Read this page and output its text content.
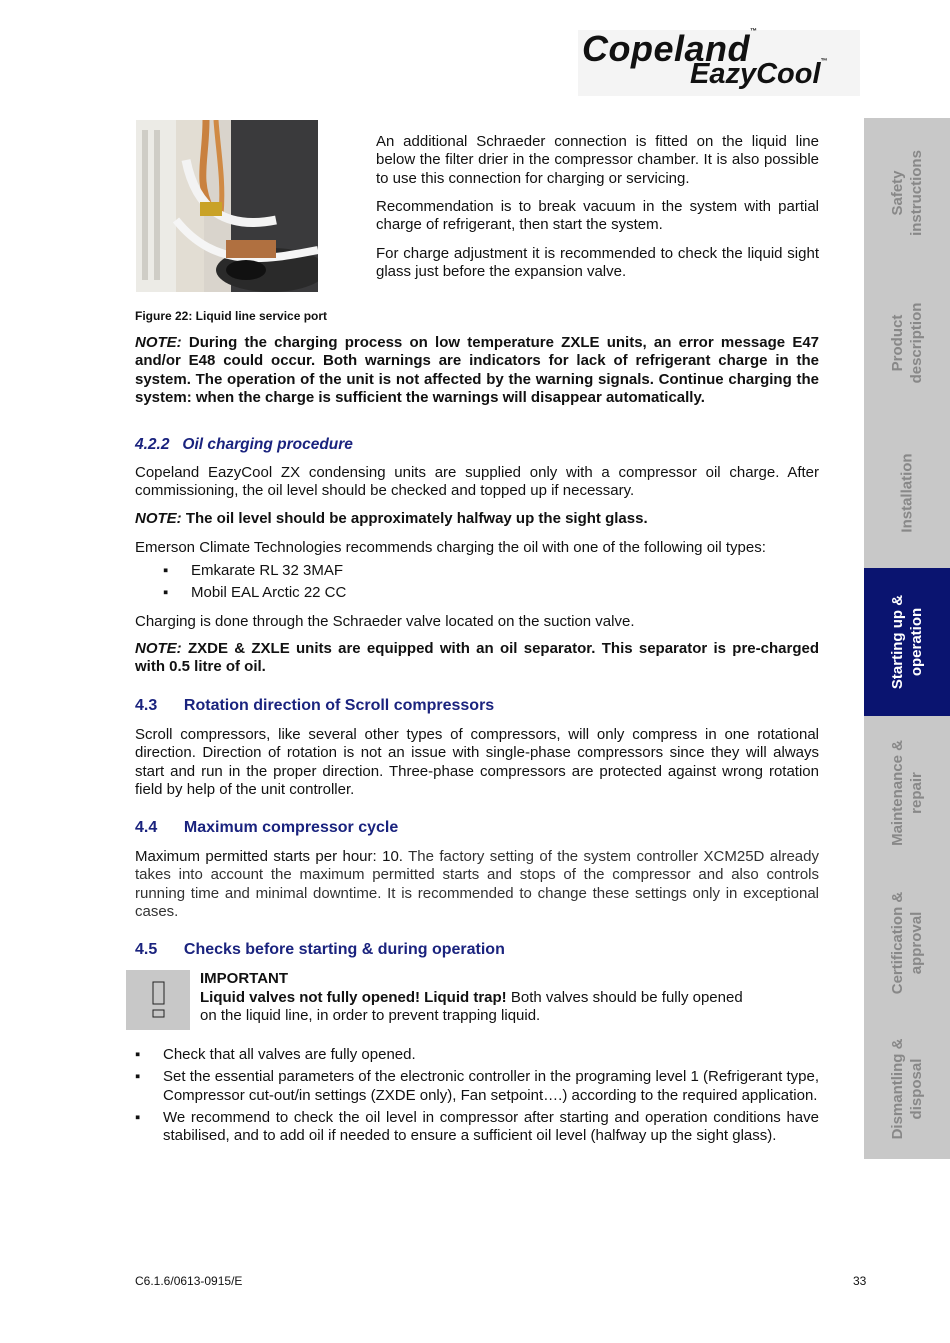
Copeland™
EazyCool™
An additional Schraeder connection is fitted on the liquid line below the filter drier in the compressor chamber. It is also possible to use this connection for charging or servicing.
Recommendation is to break vacuum in the system with partial charge of refrigerant, then start the system.
For charge adjustment it is recommended to check the liquid sight glass just before the expansion valve.
Figure 22: Liquid line service port
NOTE: During the charging process on low temperature ZXLE units, an error message E47 and/or E48 could occur. Both warnings are indicators for lack of refrigerant charge in the system. The operation of the unit is not affected by the warning signals. Continue charging the system: when the charge is sufficient the warnings will disappear automatically.
4.2.2   Oil charging procedure
Copeland EazyCool ZX condensing units are supplied only with a compressor oil charge. After commissioning, the oil level should be checked and topped up if necessary.
NOTE: The oil level should be approximately halfway up the sight glass.
Emerson Climate Technologies recommends charging the oil with one of the following oil types:
▪	Emkarate RL 32 3MAF
▪	Mobil EAL Arctic 22 CC
Charging is done through the Schraeder valve located on the suction valve.
NOTE: ZXDE & ZXLE units are equipped with an oil separator. This separator is pre-charged with 0.5 litre of oil.
4.3      Rotation direction of Scroll compressors
Scroll compressors, like several other types of compressors, will only compress in one rotational direction. Direction of rotation is not an issue with single-phase compressors since they will always start and run in the proper direction. Three-phase compressors are protected against wrong rotation field by help of the unit controller.
4.4      Maximum compressor cycle
Maximum permitted starts per hour: 10. The factory setting of the system controller XCM25D already takes into account the maximum permitted starts and stops of the compressor and also controls running time and minimal downtime. It is recommended to change these settings only in exceptional cases.
4.5      Checks before starting & during operation
IMPORTANT
Liquid valves not fully opened! Liquid trap! Both valves should be fully opened on the liquid line, in order to prevent trapping liquid.
▪	Check that all valves are fully opened.
▪	Set the essential parameters of the electronic controller in the programing level 1 (Refrigerant type, Compressor cut-out/in settings (ZXDE only), Fan setpoint….) according to the required application.
▪	We recommend to check the oil level in compressor after starting and operation conditions have stabilised, and to add oil if needed to ensure a sufficient oil level (halfway up the sight glass).
Safety
instructions
Product
description
Installation
Starting up &
operation
Maintenance &
repair
Certification &
approval
Dismantling &
disposal
C6.1.6/0613-0915/E	33
